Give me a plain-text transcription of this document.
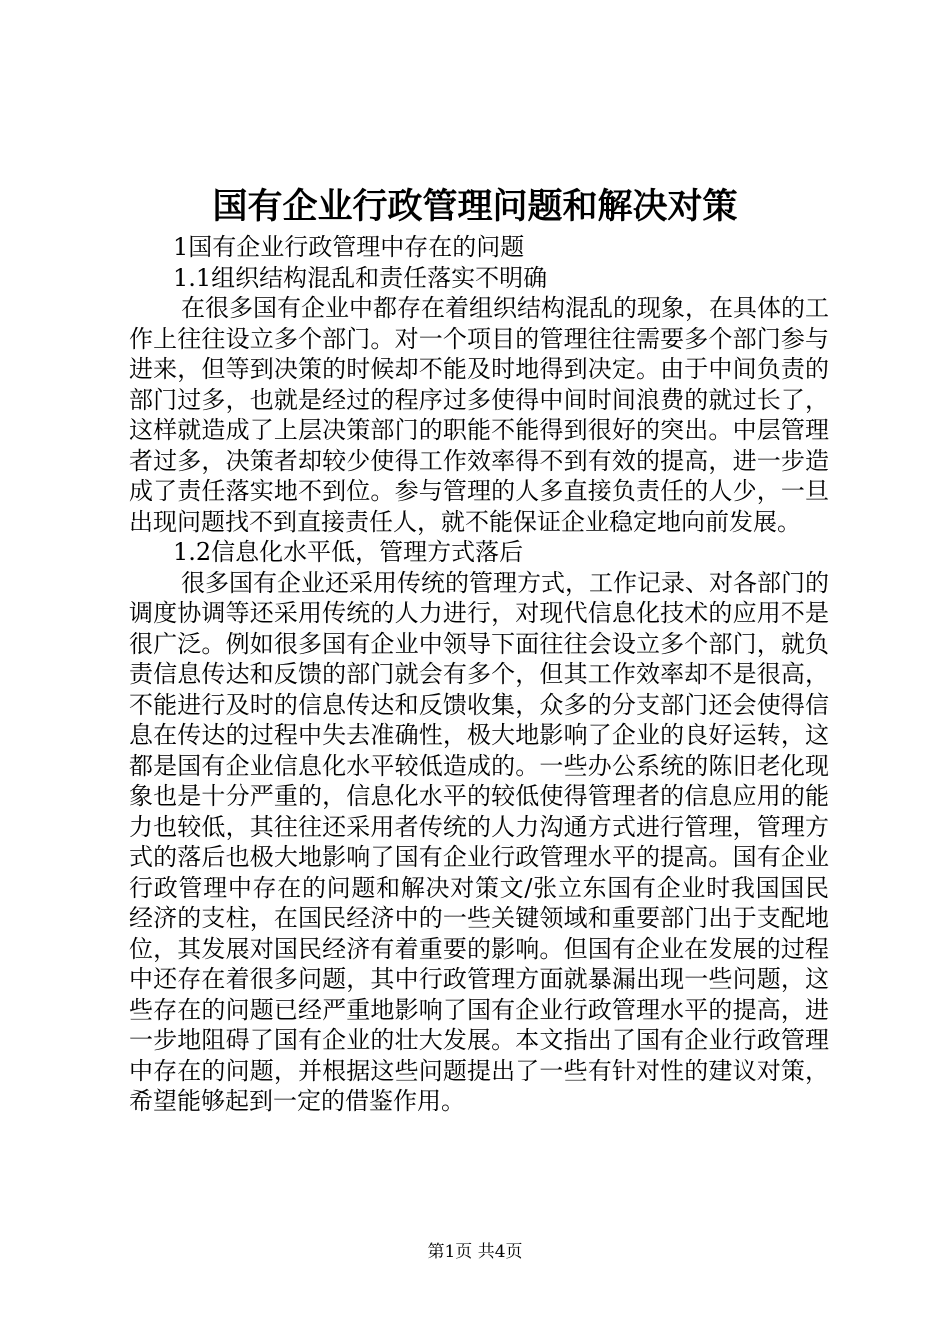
国有企业行政管理问题和解决对策

1国有企业行政管理中存在的问题

1.1组织结构混乱和责任落实不明确

在很多国有企业中都存在着组织结构混乱的现象，在具体的工作上往往设立多个部门。对一个项目的管理往往需要多个部门参与进来，但等到决策的时候却不能及时地得到决定。由于中间负责的部门过多，也就是经过的程序过多使得中间时间浪费的就过长了，这样就造成了上层决策部门的职能不能得到很好的突出。中层管理者过多，决策者却较少使得工作效率得不到有效的提高，进一步造成了责任落实地不到位。参与管理的人多直接负责任的人少，一旦出现问题找不到直接责任人，就不能保证企业稳定地向前发展。

1.2信息化水平低，管理方式落后

很多国有企业还采用传统的管理方式，工作记录、对各部门的调度协调等还采用传统的人力进行，对现代信息化技术的应用不是很广泛。例如很多国有企业中领导下面往往会设立多个部门，就负责信息传达和反馈的部门就会有多个，但其工作效率却不是很高，不能进行及时的信息传达和反馈收集，众多的分支部门还会使得信息在传达的过程中失去准确性，极大地影响了企业的良好运转，这都是国有企业信息化水平较低造成的。一些办公系统的陈旧老化现象也是十分严重的，信息化水平的较低使得管理者的信息应用的能力也较低，其往往还采用者传统的人力沟通方式进行管理，管理方式的落后也极大地影响了国有企业行政管理水平的提高。国有企业行政管理中存在的问题和解决对策文/张立东国有企业时我国国民经济的支柱，在国民经济中的一些关键领域和重要部门出于支配地位，其发展对国民经济有着重要的影响。但国有企业在发展的过程中还存在着很多问题，其中行政管理方面就暴漏出现一些问题，这些存在的问题已经严重地影响了国有企业行政管理水平的提高，进一步地阻碍了国有企业的壮大发展。本文指出了国有企业行政管理中存在的问题，并根据这些问题提出了一些有针对性的建议对策，希望能够起到一定的借鉴作用。

第1页 共4页
